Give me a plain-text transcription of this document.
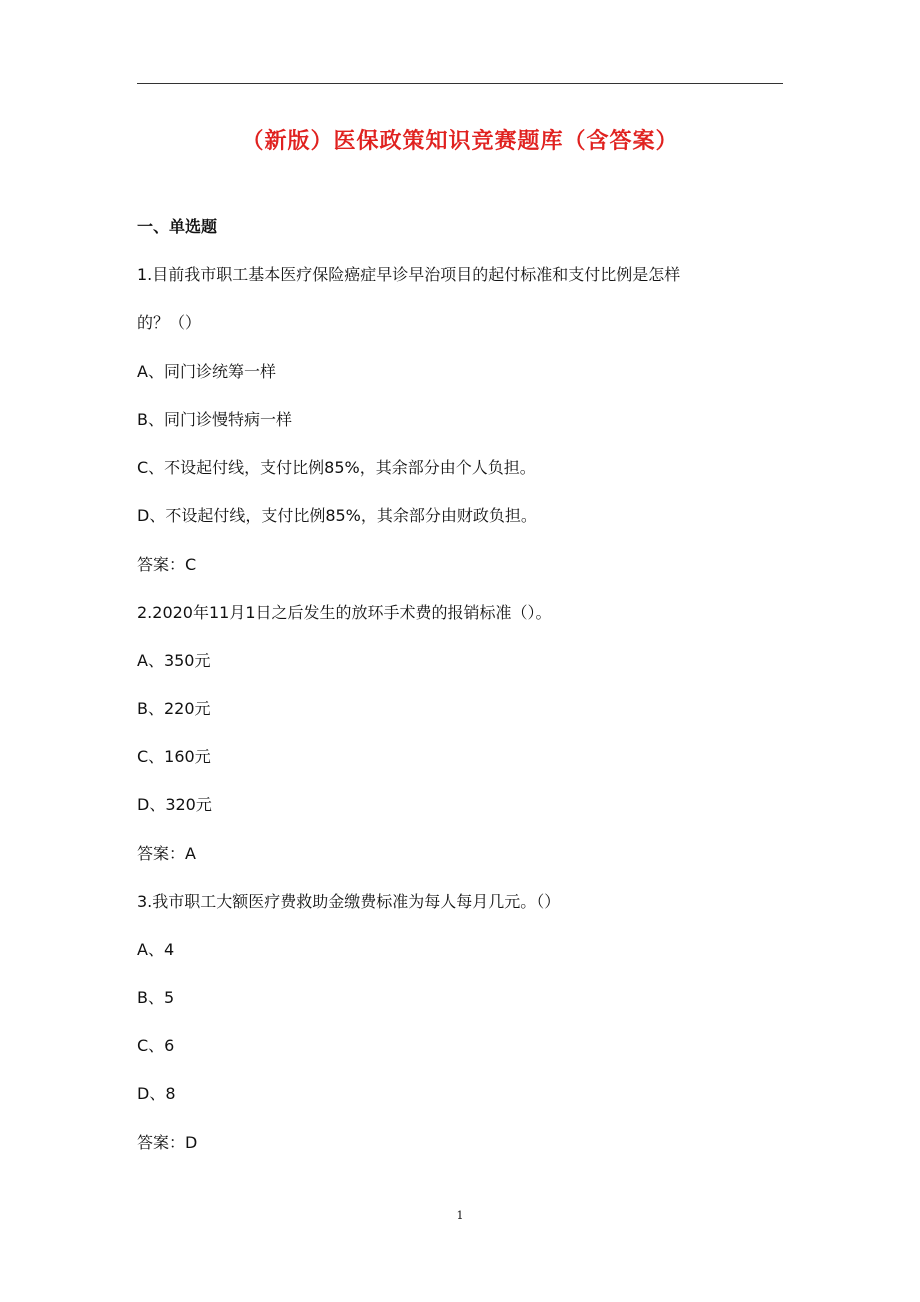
（新版）医保政策知识竞赛题库（含答案）
一、单选题
1.目前我市职工基本医疗保险癌症早诊早治项目的起付标准和支付比例是怎样
的？（）
A、同门诊统筹一样
B、同门诊慢特病一样
C、不设起付线，支付比例85%，其余部分由个人负担。
D、不设起付线，支付比例85%，其余部分由财政负担。
答案：C
2.2020年11月1日之后发生的放环手术费的报销标准（）。
A、350元
B、220元
C、160元
D、320元
答案：A
3.我市职工大额医疗费救助金缴费标准为每人每月几元。（）
A、4
B、5
C、6
D、8
答案：D
1
